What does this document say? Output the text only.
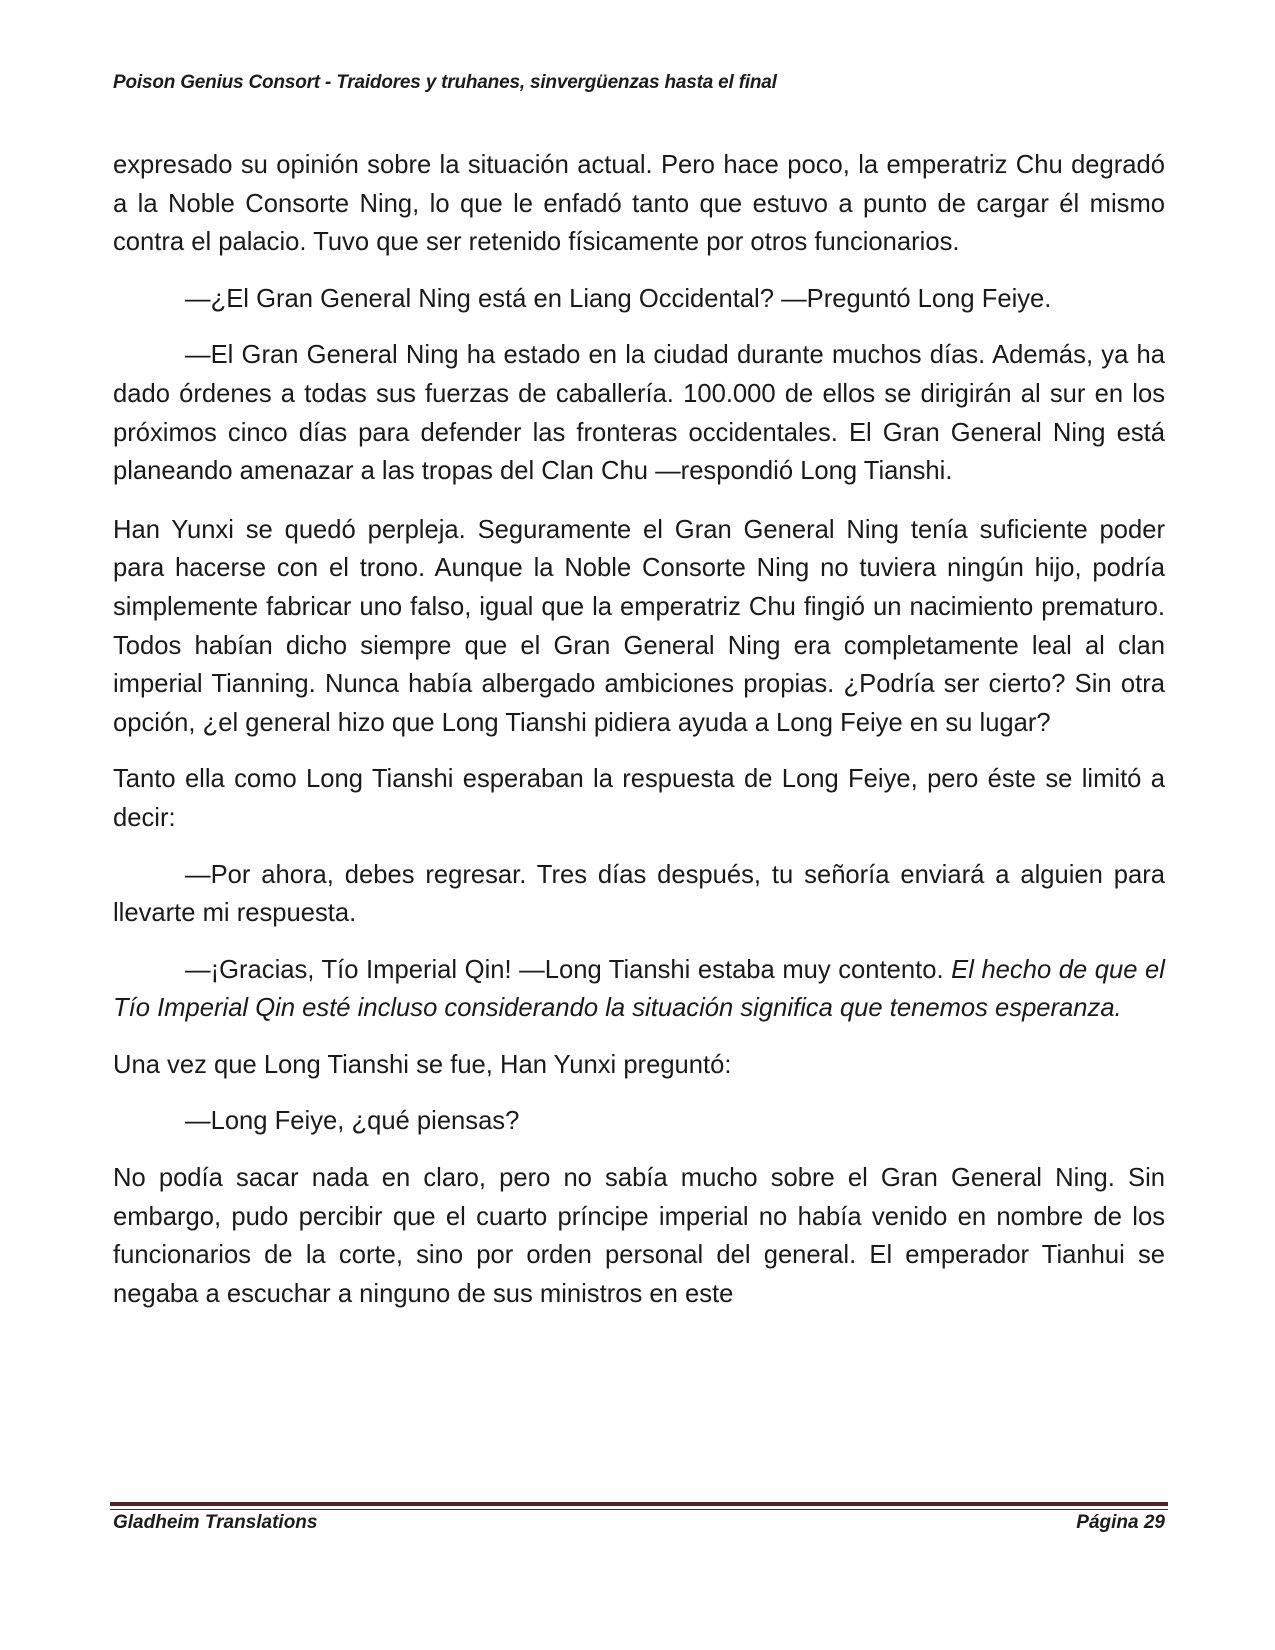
Poison Genius Consort - Traidores y truhanes, sinvergüenzas hasta el final

expresado su opinión sobre la situación actual. Pero hace poco, la emperatriz Chu degradó a la Noble Consorte Ning, lo que le enfadó tanto que estuvo a punto de cargar él mismo contra el palacio. Tuvo que ser retenido físicamente por otros funcionarios.

—¿El Gran General Ning está en Liang Occidental? —Preguntó Long Feiye.

—El Gran General Ning ha estado en la ciudad durante muchos días. Además, ya ha dado órdenes a todas sus fuerzas de caballería. 100.000 de ellos se dirigirán al sur en los próximos cinco días para defender las fronteras occidentales. El Gran General Ning está planeando amenazar a las tropas del Clan Chu —respondió Long Tianshi.

Han Yunxi se quedó perpleja. Seguramente el Gran General Ning tenía suficiente poder para hacerse con el trono. Aunque la Noble Consorte Ning no tuviera ningún hijo, podría simplemente fabricar uno falso, igual que la emperatriz Chu fingió un nacimiento prematuro. Todos habían dicho siempre que el Gran General Ning era completamente leal al clan imperial Tianning. Nunca había albergado ambiciones propias. ¿Podría ser cierto? Sin otra opción, ¿el general hizo que Long Tianshi pidiera ayuda a Long Feiye en su lugar?

Tanto ella como Long Tianshi esperaban la respuesta de Long Feiye, pero éste se limitó a decir:

—Por ahora, debes regresar. Tres días después, tu señoría enviará a alguien para llevarte mi respuesta.

—¡Gracias, Tío Imperial Qin! —Long Tianshi estaba muy contento. El hecho de que el Tío Imperial Qin esté incluso considerando la situación significa que tenemos esperanza.

Una vez que Long Tianshi se fue, Han Yunxi preguntó:

—Long Feiye, ¿qué piensas?

No podía sacar nada en claro, pero no sabía mucho sobre el Gran General Ning. Sin embargo, pudo percibir que el cuarto príncipe imperial no había venido en nombre de los funcionarios de la corte, sino por orden personal del general. El emperador Tianhui se negaba a escuchar a ninguno de sus ministros en este

Gladheim Translations	Página 29
